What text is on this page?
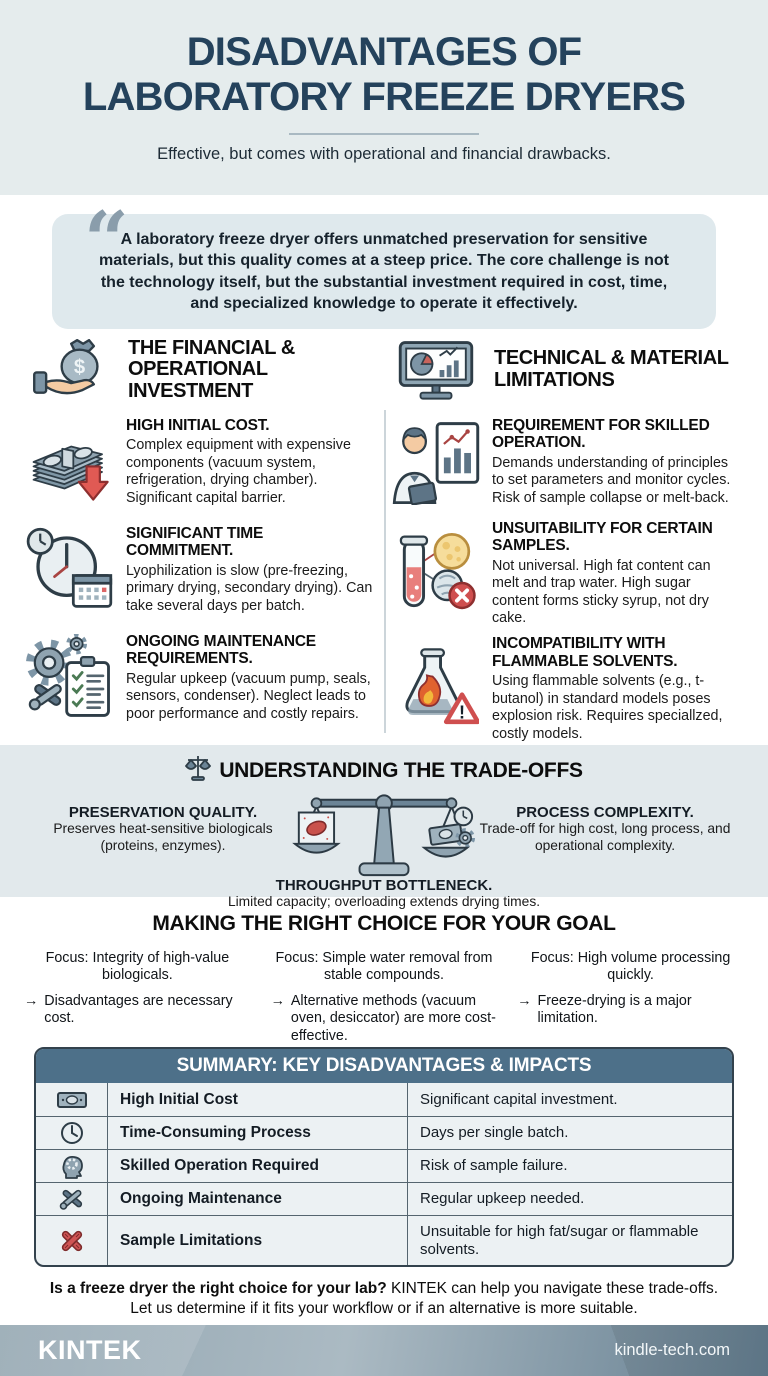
DISADVANTAGES OF
LABORATORY FREEZE DRYERS
Effective, but comes with operational and financial drawbacks.
A laboratory freeze dryer offers unmatched preservation for sensitive materials, but this quality comes at a steep price. The core challenge is not the technology itself, but the substantial investment required in cost, time, and specialized knowledge to operate it effectively.
$
THE FINANCIAL & OPERATIONAL INVESTMENT
HIGH INITIAL COST.
Complex equipment with expensive components (vacuum system, refrigeration, drying chamber). Significant capital barrier.
SIGNIFICANT TIME COMMITMENT.
Lyophilization is slow (pre-freezing, primary drying, secondary drying). Can take several days per batch.
ONGOING MAINTENANCE REQUIREMENTS.
Regular upkeep (vacuum pump, seals, sensors, condenser). Neglect leads to poor performance and costly repairs.
TECHNICAL & MATERIAL LIMITATIONS
REQUIREMENT FOR SKILLED OPERATION.
Demands understanding of principles to set parameters and monitor cycles. Risk of sample collapse or melt-back.
UNSUITABILITY FOR CERTAIN SAMPLES.
Not universal. High fat content can melt and trap water. High sugar content forms sticky syrup, not dry cake.
!
INCOMPATIBILITY WITH FLAMMABLE SOLVENTS.
Using flammable solvents (e.g., t-butanol) in standard models poses explosion risk. Requires speciallzed, costly models.
UNDERSTANDING THE TRADE-OFFS
PRESERVATION QUALITY.
Preserves heat-sensitive biologicals (proteins, enzymes).
PROCESS COMPLEXITY.
Trade-off for high cost, long process, and operational complexity.
THROUGHPUT BOTTLENECK.
Limited capacity; overloading extends drying times.
MAKING THE RIGHT CHOICE FOR YOUR GOAL
Focus: Integrity of high-value biologicals.
→ Disadvantages are necessary cost.
Focus: Simple water removal from stable compounds.
→ Alternative methods (vacuum oven, desiccator) are more cost-effective.
Focus: High volume processing quickly.
→ Freeze-drying is a major limitation.
SUMMARY: KEY DISADVANTAGES & IMPACTS
High Initial Cost	Significant capital investment.
Time-Consuming Process	Days per single batch.
Skilled Operation Required	Risk of sample failure.
Ongoing Maintenance	Regular upkeep needed.
Sample Limitations	Unsuitable for high fat/sugar or flammable solvents.
Is a freeze dryer the right choice for your lab? KINTEK can help you navigate these trade-offs.
Let us determine if it fits your workflow or if an alternative is more suitable.
KINTEK	kindle-tech.com
